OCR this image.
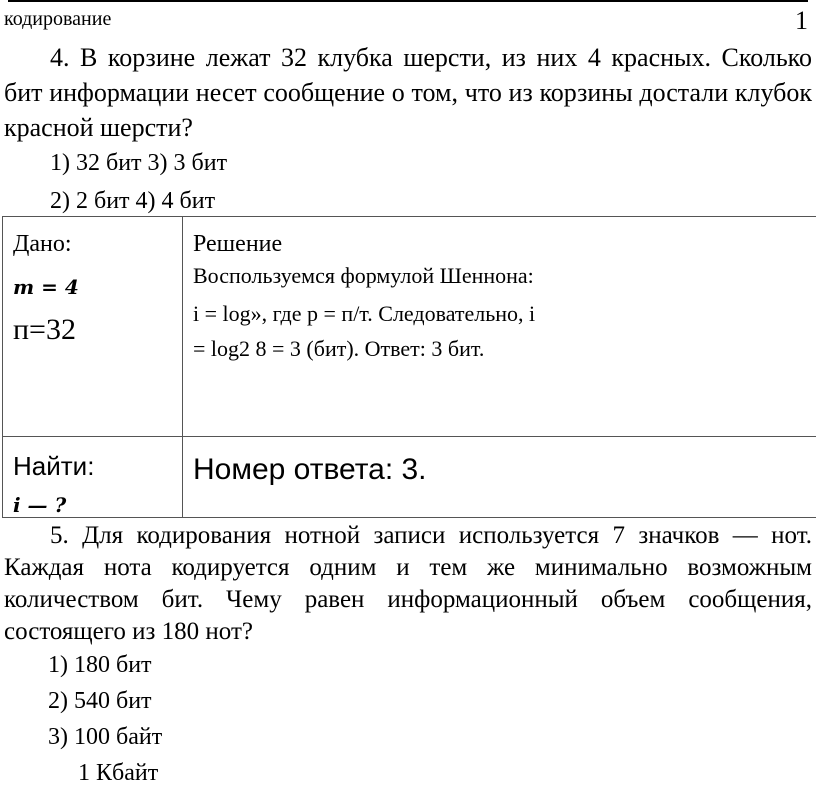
кодирование	1
4. В корзине лежат 32 клубка шерсти, из них 4 красных. Сколько бит информации несет сообщение о том, что из корзины достали клубок красной шерсти?
1) 32 бит 3) 3 бит
2) 2 бит 4) 4 бит
Дано:
m = 4
п=32
Решение
Воспользуемся формулой Шеннона:
i = log», где р = п/т. Следовательно, i
= log2 8 = 3 (бит). Ответ: 3 бит.
Найти:
i — ?
Номер ответа: 3.
5. Для кодирования нотной записи используется 7 значков — нот. Каждая нота кодируется одним и тем же минимально возможным количеством бит. Чему равен информационный объем сообщения, состоящего из 180 нот?
1) 180 бит
2) 540 бит
3) 100 байт
1 Кбайт
